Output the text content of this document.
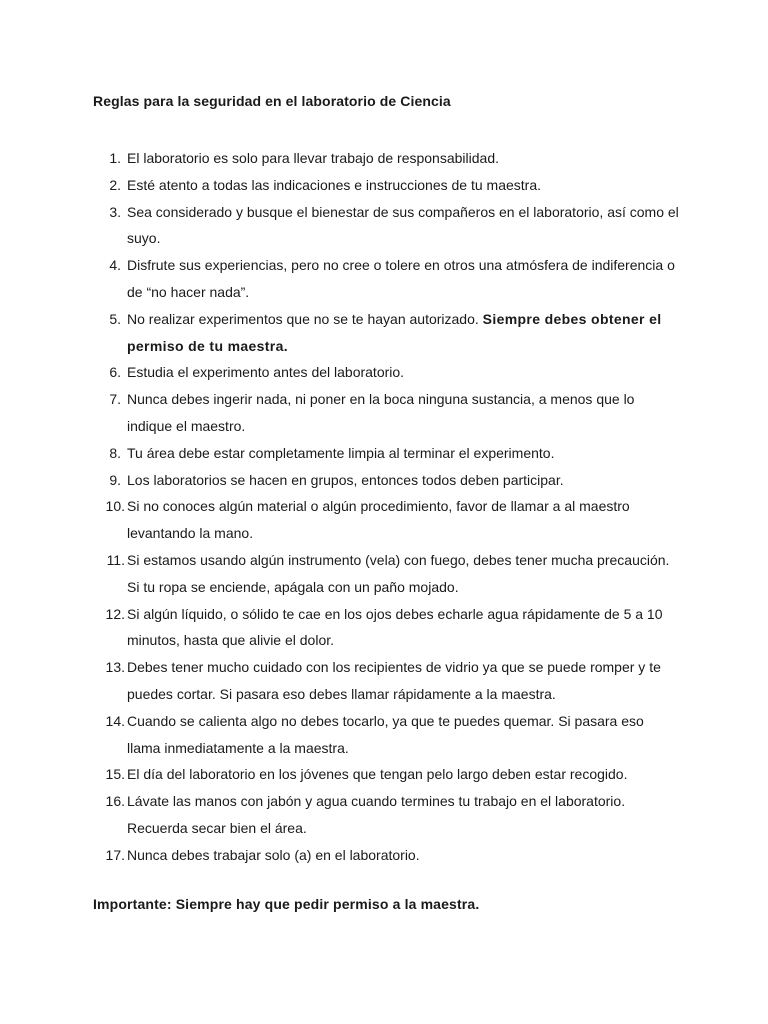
Reglas para la seguridad en el laboratorio de Ciencia
1. El laboratorio es solo para llevar trabajo de responsabilidad.
2. Esté atento a todas las indicaciones e instrucciones de tu maestra.
3. Sea considerado y busque el bienestar de sus compañeros en el laboratorio, así como el suyo.
4. Disfrute sus experiencias, pero no cree o tolere en otros una atmósfera de indiferencia o de “no hacer nada”.
5. No realizar experimentos que no se te hayan autorizado. Siempre debes obtener el permiso de tu maestra.
6. Estudia el experimento antes del laboratorio.
7. Nunca debes ingerir nada, ni poner en la boca ninguna sustancia, a menos que lo indique el maestro.
8. Tu área debe estar completamente limpia al terminar el experimento.
9. Los laboratorios se hacen en grupos, entonces todos deben participar.
10. Si no conoces algún material o algún procedimiento, favor de llamar a al maestro levantando la mano.
11. Si estamos usando algún instrumento (vela) con fuego, debes tener mucha precaución. Si tu ropa se enciende, apágala con un paño mojado.
12. Si algún líquido, o sólido te cae en los ojos debes echarle agua rápidamente de 5 a 10 minutos, hasta que alivie el dolor.
13. Debes tener mucho cuidado con los recipientes de vidrio ya que se puede romper y te puedes cortar. Si pasara eso debes llamar rápidamente a la maestra.
14. Cuando se calienta algo no debes tocarlo, ya que te puedes quemar. Si pasara eso llama inmediatamente a la maestra.
15. El día del laboratorio en los jóvenes que tengan pelo largo deben estar recogido.
16. Lávate las manos con jabón y agua cuando termines tu trabajo en el laboratorio. Recuerda secar bien el área.
17. Nunca debes trabajar solo (a) en el laboratorio.
Importante: Siempre hay que pedir permiso a la maestra.
